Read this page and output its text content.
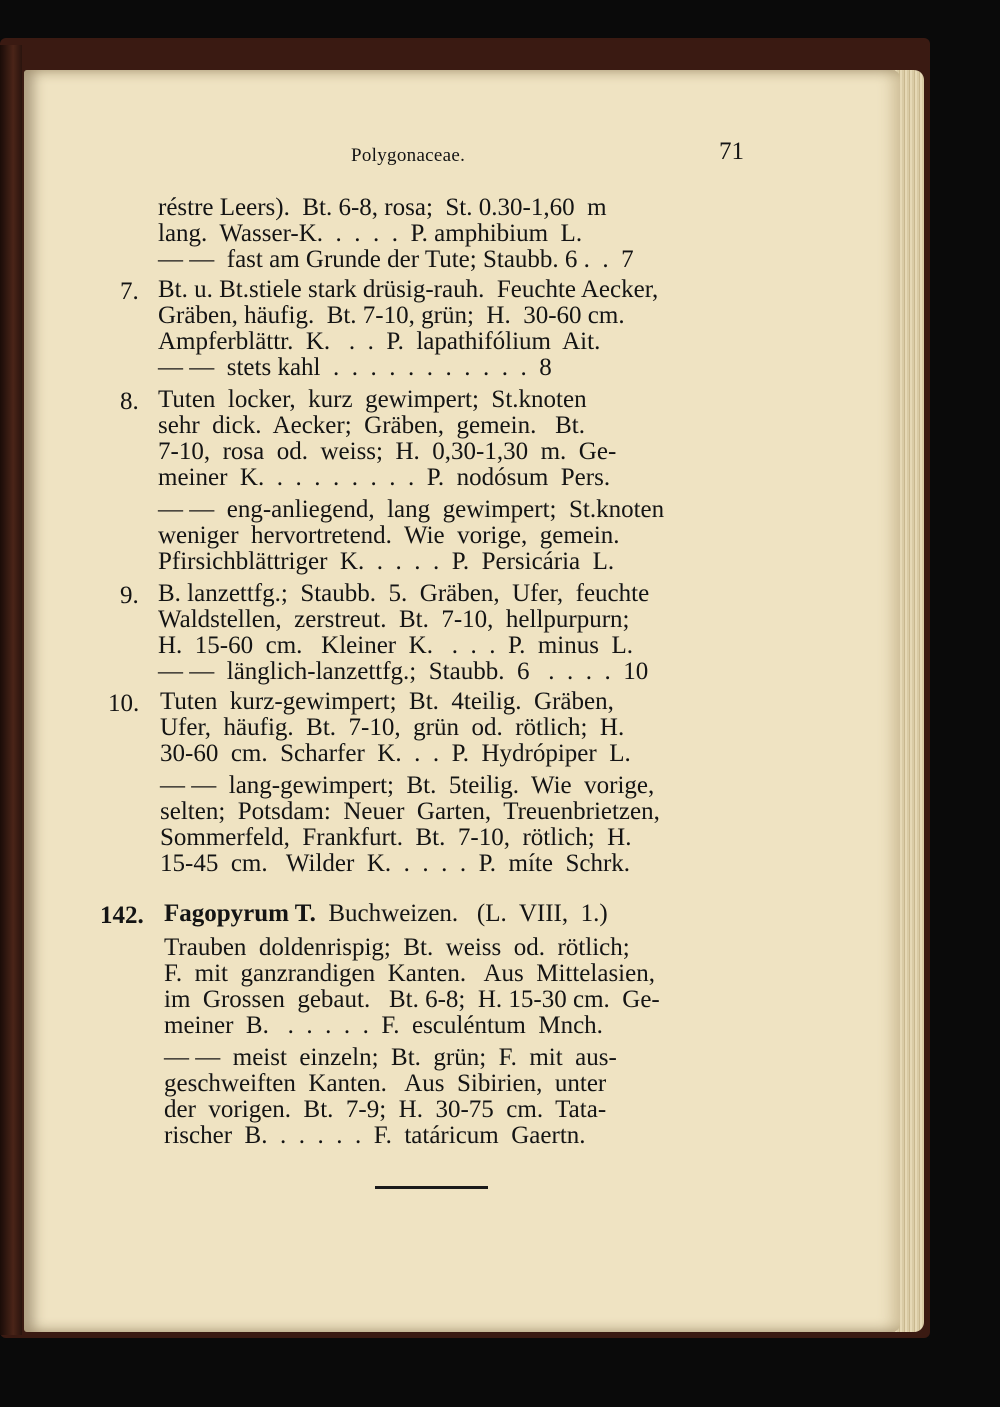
Polygonaceae.	71
réstre Leers).  Bt. 6-8, rosa;  St. 0.30-1,60  m
lang.  Wasser-K.  .  .  .  .  P. amphibium  L.
— —  fast am Grunde der Tute; Staubb. 6 .  .  7
7. Bt. u. Bt.stiele stark drüsig-rauh.  Feuchte Aecker,
Gräben, häufig.  Bt. 7-10, grün;  H.  30-60 cm.
Ampferblättr.  K.   .  .  P.  lapathifólium  Ait.
— —  stets kahl  .  .  .  .  .  .  .  .  .  .  .  8
8. Tuten  locker,  kurz  gewimpert;  St.knoten
sehr  dick.  Aecker;  Gräben,  gemein.   Bt.
7-10,  rosa  od.  weiss;  H.  0,30-1,30  m.  Ge-
meiner  K.  .  .  .  .  .  .  .  .  P.  nodósum  Pers.
— —  eng-anliegend,  lang  gewimpert;  St.knoten
weniger  hervortretend.  Wie  vorige,  gemein.
Pfirsichblättriger  K.  .  .  .  .  P.  Persicária  L.
9. B. lanzettfg.;  Staubb.  5.  Gräben,  Ufer,  feuchte
Waldstellen,  zerstreut.  Bt.  7-10,  hellpurpurn;
H.  15-60  cm.   Kleiner  K.   .  .  .  P.  minus  L.
— —  länglich-lanzettfg.;  Staubb.  6   .  .  .  .  10
10. Tuten  kurz-gewimpert;  Bt.  4teilig.  Gräben,
Ufer,  häufig.  Bt.  7-10,  grün  od.  rötlich;  H.
30-60  cm.  Scharfer  K.  .  .  P.  Hydrópiper  L.
— —  lang-gewimpert;  Bt.  5teilig.  Wie  vorige,
selten;  Potsdam:  Neuer  Garten,  Treuenbrietzen,
Sommerfeld,  Frankfurt.  Bt.  7-10,  rötlich;  H.
15-45  cm.   Wilder  K.  .  .  .  .  P.  míte  Schrk.
142. Fagopyrum T.  Buchweizen.   (L.  VIII,  1.)
Trauben  doldenrispig;  Bt.  weiss  od.  rötlich;
F.  mit  ganzrandigen  Kanten.   Aus  Mittelasien,
im  Grossen  gebaut.   Bt. 6-8;  H. 15-30 cm.  Ge-
meiner  B.   .  .  .  .  .  F.  esculéntum  Mnch.
— —  meist  einzeln;  Bt.  grün;  F.  mit  aus-
geschweiften  Kanten.   Aus  Sibirien,  unter
der  vorigen.  Bt.  7-9;  H.  30-75  cm.  Tata-
rischer  B.  .  .  .  .  .  F.  tatáricum  Gaertn.
